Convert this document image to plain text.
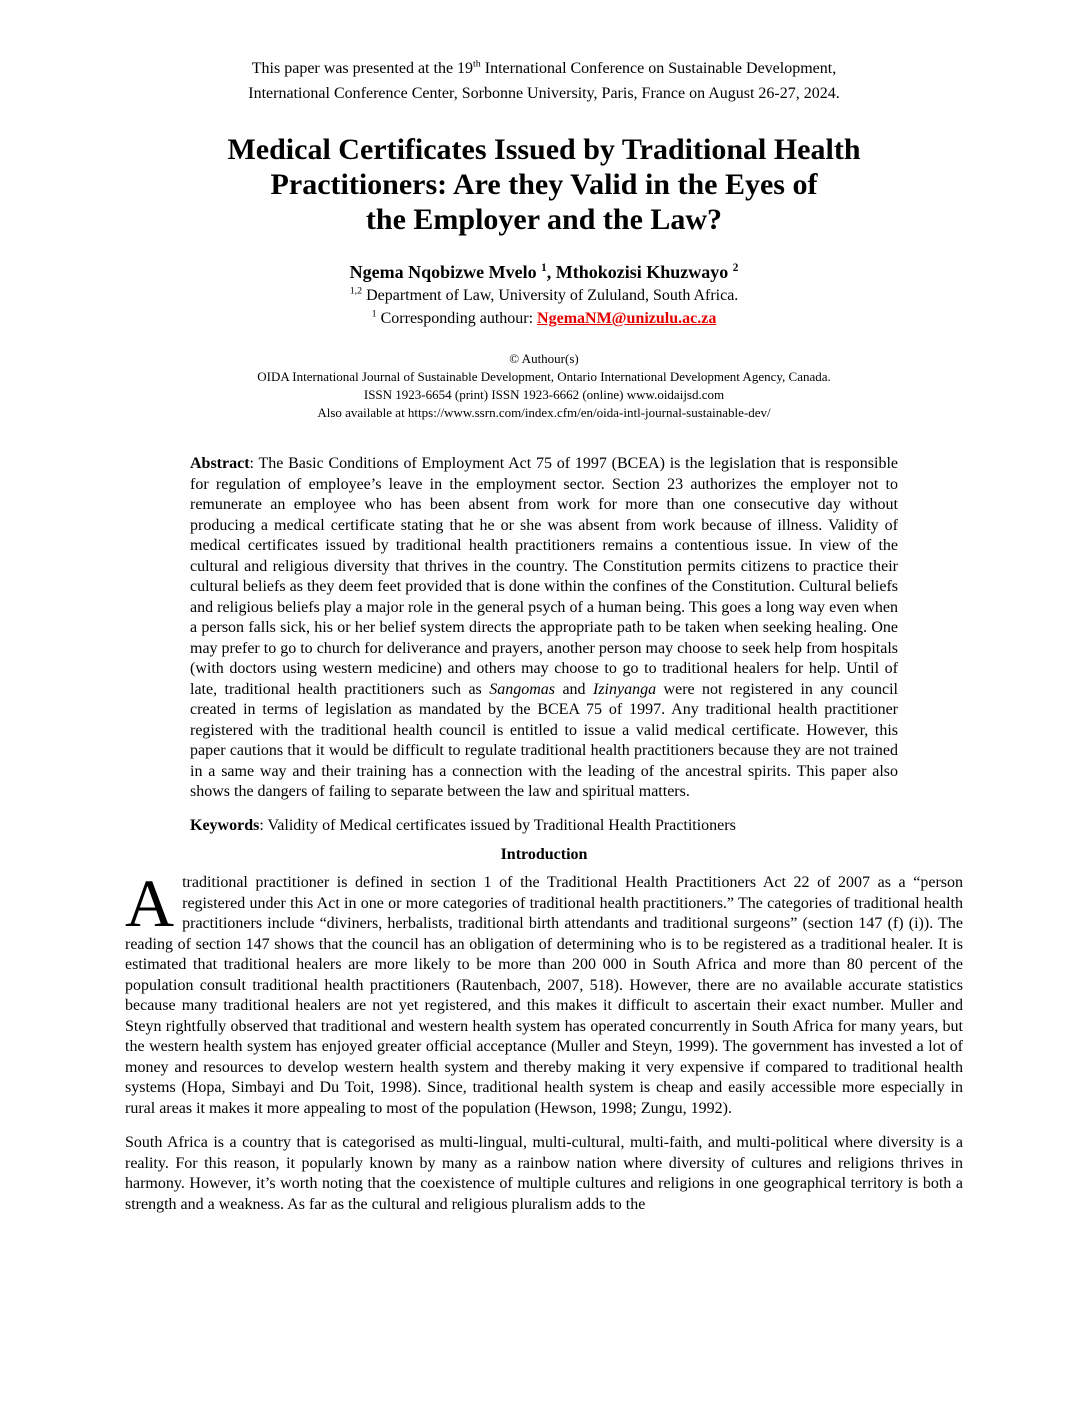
This paper was presented at the 19th International Conference on Sustainable Development,
International Conference Center, Sorbonne University, Paris, France on August 26-27, 2024.
Medical Certificates Issued by Traditional Health
Practitioners: Are they Valid in the Eyes of
the Employer and the Law?
Ngema Nqobizwe Mvelo $^1$, Mthokozisi Khuzwayo $^2$
$^{1,2}$ Department of Law, University of Zululand, South Africa.
$^1$ Corresponding authour: NgemaNM@unizulu.ac.za
© Authour(s)
OIDA International Journal of Sustainable Development, Ontario International Development Agency, Canada.
ISSN 1923-6654 (print) ISSN 1923-6662 (online) www.oidaijsd.com
Also available at https://www.ssrn.com/index.cfm/en/oida-intl-journal-sustainable-dev/

Abstract: The Basic Conditions of Employment Act 75 of 1997 (BCEA) is the legislation that is responsible for regulation of employee’s leave in the employment sector. Section 23 authorizes the employer not to remunerate an employee who has been absent from work for more than one consecutive day without producing a medical certificate stating that he or she was absent from work because of illness. Validity of medical certificates issued by traditional health practitioners remains a contentious issue. In view of the cultural and religious diversity that thrives in the country. The Constitution permits citizens to practice their cultural beliefs as they deem feet provided that is done within the confines of the Constitution. Cultural beliefs and religious beliefs play a major role in the general psych of a human being. This goes a long way even when a person falls sick, his or her belief system directs the appropriate path to be taken when seeking healing. One may prefer to go to church for deliverance and prayers, another person may choose to seek help from hospitals (with doctors using western medicine) and others may choose to go to traditional healers for help. Until of late, traditional health practitioners such as Sangomas and Izinyanga were not registered in any council created in terms of legislation as mandated by the BCEA 75 of 1997. Any traditional health practitioner registered with the traditional health council is entitled to issue a valid medical certificate. However, this paper cautions that it would be difficult to regulate traditional health practitioners because they are not trained in a same way and their training has a connection with the leading of the ancestral spirits. This paper also shows the dangers of failing to separate between the law and spiritual matters.

Keywords: Validity of Medical certificates issued by Traditional Health Practitioners

Introduction

Atraditional practitioner is defined in section 1 of the Traditional Health Practitioners Act 22 of 2007 as a “person registered under this Act in one or more categories of traditional health practitioners.” The categories of traditional health practitioners include “diviners, herbalists, traditional birth attendants and traditional surgeons” (section 147 (f) (i)). The reading of section 147 shows that the council has an obligation of determining who is to be registered as a traditional healer. It is estimated that traditional healers are more likely to be more than 200 000 in South Africa and more than 80 percent of the population consult traditional health practitioners (Rautenbach, 2007, 518). However, there are no available accurate statistics because many traditional healers are not yet registered, and this makes it difficult to ascertain their exact number. Muller and Steyn rightfully observed that traditional and western health system has operated concurrently in South Africa for many years, but the western health system has enjoyed greater official acceptance (Muller and Steyn, 1999). The government has invested a lot of money and resources to develop western health system and thereby making it very expensive if compared to traditional health systems (Hopa, Simbayi and Du Toit, 1998). Since, traditional health system is cheap and easily accessible more especially in rural areas it makes it more appealing to most of the population (Hewson, 1998; Zungu, 1992).

South Africa is a country that is categorised as multi-lingual, multi-cultural, multi-faith, and multi-political where diversity is a reality. For this reason, it popularly known by many as a rainbow nation where diversity of cultures and religions thrives in harmony. However, it’s worth noting that the coexistence of multiple cultures and religions in one geographical territory is both a strength and a weakness. As far as the cultural and religious pluralism adds to the
